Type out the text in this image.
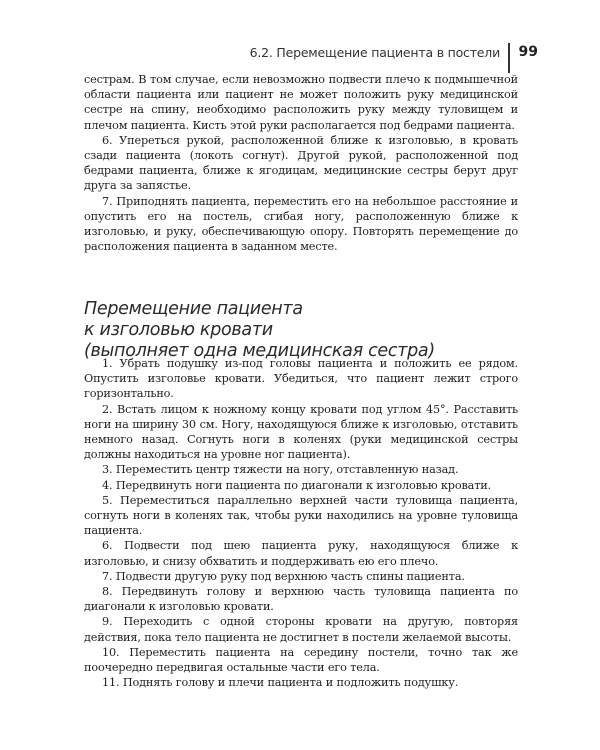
6.2. Перемещение пациента в постели 99

сестрам. В том случае, если невозможно подвести плечо к подмышечной области пациента или пациент не может положить руку медицинской сестре на спину, необходимо расположить руку между туловищем и плечом пациента. Кисть этой руки располагается под бедрами пациента.

6. Упереться рукой, расположенной ближе к изголовью, в кровать сзади пациента (локоть согнут). Другой рукой, расположенной под бедрами пациента, ближе к ягодицам, медицинские сестры берут друг друга за запястье.

7. Приподнять пациента, переместить его на небольшое расстояние и опустить его на постель, сгибая ногу, расположенную ближе к изголовью, и руку, обеспечивающую опору. Повторять перемещение до расположения пациента в заданном месте.

Перемещение пациента
к изголовью кровати
(выполняет одна медицинская сестра)

1. Убрать подушку из-под головы пациента и положить ее рядом. Опустить изголовье кровати. Убедиться, что пациент лежит строго горизонтально.

2. Встать лицом к ножному концу кровати под углом 45°. Расставить ноги на ширину 30 см. Ногу, находящуюся ближе к изголовью, отставить немного назад. Согнуть ноги в коленях (руки медицинской сестры должны находиться на уровне ног пациента).

3. Переместить центр тяжести на ногу, отставленную назад.

4. Передвинуть ноги пациента по диагонали к изголовью кровати.

5. Переместиться параллельно верхней части туловища пациента, согнуть ноги в коленях так, чтобы руки находились на уровне туловища пациента.

6. Подвести под шею пациента руку, находящуюся ближе к изголовью, и снизу обхватить и поддерживать ею его плечо.

7. Подвести другую руку под верхнюю часть спины пациента.

8. Передвинуть голову и верхнюю часть туловища пациента по диагонали к изголовью кровати.

9. Переходить с одной стороны кровати на другую, повторяя действия, пока тело пациента не достигнет в постели желаемой высоты.

10. Переместить пациента на середину постели, точно так же поочередно передвигая остальные части его тела.

11. Поднять голову и плечи пациента и подложить подушку.
